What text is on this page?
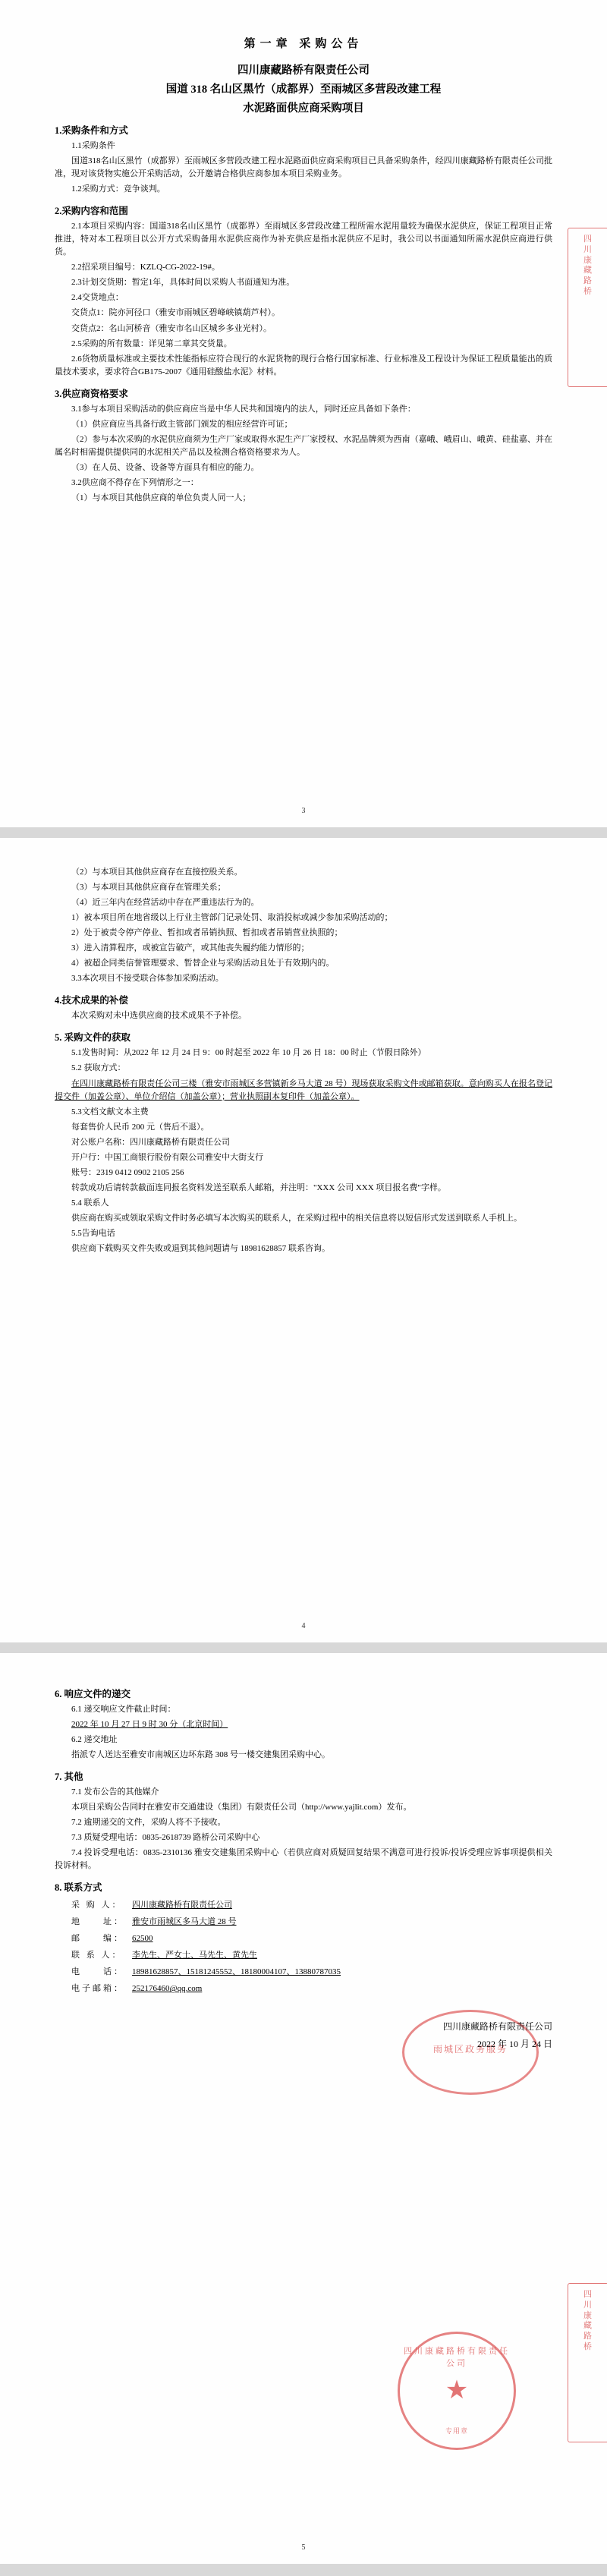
第一章 采购公告
四川康藏路桥有限责任公司
国道 318 名山区黑竹（成都界）至雨城区多营段改建工程
水泥路面供应商采购项目
1.采购条件和方式
1.1采购条件
国道318名山区黑竹（成都界）至雨城区多营段改建工程水泥路面供应商采购项目已具备采购条件，经四川康藏路桥有限责任公司批准，现对该货物实施公开采购活动，公开邀请合格供应商参加本项目采购业务。
1.2采购方式：竞争谈判。
2.采购内容和范围
2.1本项目采购内容：国道318名山区黑竹（成都界）至雨城区多营段改建工程所需水泥用量较为确保水泥供应，保证工程项目正常推进，特对本工程项目以公开方式采购备用水泥供应商作为补充供应是指水泥供应不足时，我公司以书面通知所需水泥供应商进行供货。
2.2招采项目编号：KZLQ-CG-2022-19#。
2.3计划交货期：暂定1年，具体时间以采购人书面通知为准。
2.4交货地点：
交货点1：院亦河径口（雅安市雨城区碧峰峡镇葫芦村）。
交货点2：名山河桥音（雅安市名山区城乡多业光村）。
2.5采购的所有数量：详见第二章其交货量。
2.6货物质量标准或主要技术性能指标应符合现行的水泥货物的现行合格行国家标准、行业标准及工程设计为保证工程质量能出的质量技术要求，要求符合GB175-2007《通用硅酸盐水泥》材料。
3.供应商资格要求
3.1参与本项目采购活动的供应商应当是中华人民共和国境内的法人，同时还应具备如下条件：
（1）供应商应当具备行政主管部门颁发的相应经营许可证；
（2）参与本次采购的水泥供应商须为生产厂家或取得水泥生产厂家授权、水泥品牌须为西南（嘉峨、峨眉山、峨黄、硅盐嘉、并在属名时相需提供提供同的水泥相关产品以及检测合格资格要求为人。
（3）在人员、设备、设备等方面具有相应的能力。
3.2供应商不得存在下列情形之一：
（1）与本项目其他供应商的单位负责人同一人；
四
川
康
藏
路
桥
3
（2）与本项目其他供应商存在直接控股关系。
（3）与本项目其他供应商存在管理关系；
（4）近三年内在经营活动中存在严重违法行为的。
1）被本项目所在地省级以上行业主管部门记录处罚、取消投标或减少参加采购活动的；
2）处于被责令停产停业、暂扣或者吊销执照、暂扣或者吊销营业执照的；
3）进入清算程序，或被宣告破产，或其他丧失履约能力情形的；
4）被超企同类信誉管理要求、暂替企业与采购活动且处于有效期内的。
3.3本次项目不接受联合体参加采购活动。
4.技术成果的补偿
本次采购对未中选供应商的技术成果不予补偿。
5. 采购文件的获取
5.1发售时间：从2022 年 12 月 24 日 9：00 时起至 2022 年 10 月 26 日 18：00 时止（节假日除外）
5.2 获取方式：
在四川康藏路桥有限责任公司三楼（雅安市雨城区多营镇新乡马大道 28 号）现场获取采购文件或邮箱获取。意向购买人在报名登记提交件（加盖公章）、单位介绍信（加盖公章）；营业执照副本复印件（加盖公章）。
5.3文档文献文本主费
每套售价人民币 200 元（售后不退）。
对公账户名称：四川康藏路桥有限责任公司
开户行：中国工商银行股份有限公司雅安中大街支行
账号：2319 0412 0902 2105 256
转款成功后请转款截面连同报名资料发送至联系人邮箱，并注明："XXX 公司 XXX 项目报名费"字样。
5.4 联系人
供应商在购买或领取采购文件时务必填写本次购买的联系人，在采购过程中的相关信息将以短信形式发送到联系人手机上。
5.5告询电话
供应商下载购买文件失败或退到其他问题请与 18981628857 联系咨询。
4
6. 响应文件的递交
6.1 递交响应文件截止时间：
2022 年 10 月 27 日 9 时 30 分（北京时间）
6.2 递交地址
指派专人送达至雅安市南城区边坏东路 308 号一楼交建集团采购中心。
7. 其他
7.1 发布公告的其他媒介
本项目采购公告同时在雅安市交通建设（集团）有限责任公司（http://www.yajlit.com）发布。
7.2 逾期递交的文件，采购人将不予接收。
7.3 质疑受理电话：0835-2618739 路桥公司采购中心
7.4 投诉受理电话：0835-2310136 雅安交建集团采购中心（若供应商对质疑回复结果不满意可进行投诉/投诉受理应诉事项提供相关投诉材料。
8. 联系方式
采 购 人：	四川康藏路桥有限责任公司
地　　址： 雅安市雨城区多马大道 28 号
邮　　编： 62500
联 系 人：	李先生、严女士、马先生、黄先生
电　　话： 18981628857、15181245552、18180004107、13880787035
电子邮箱： 252176460@qq.com
四川康藏路桥有限责任公司
2022 年 10 月 24 日
雨城区政务服务
四川康藏路桥有限责任公司
★
专用章
四
川
康
藏
路
桥
5
